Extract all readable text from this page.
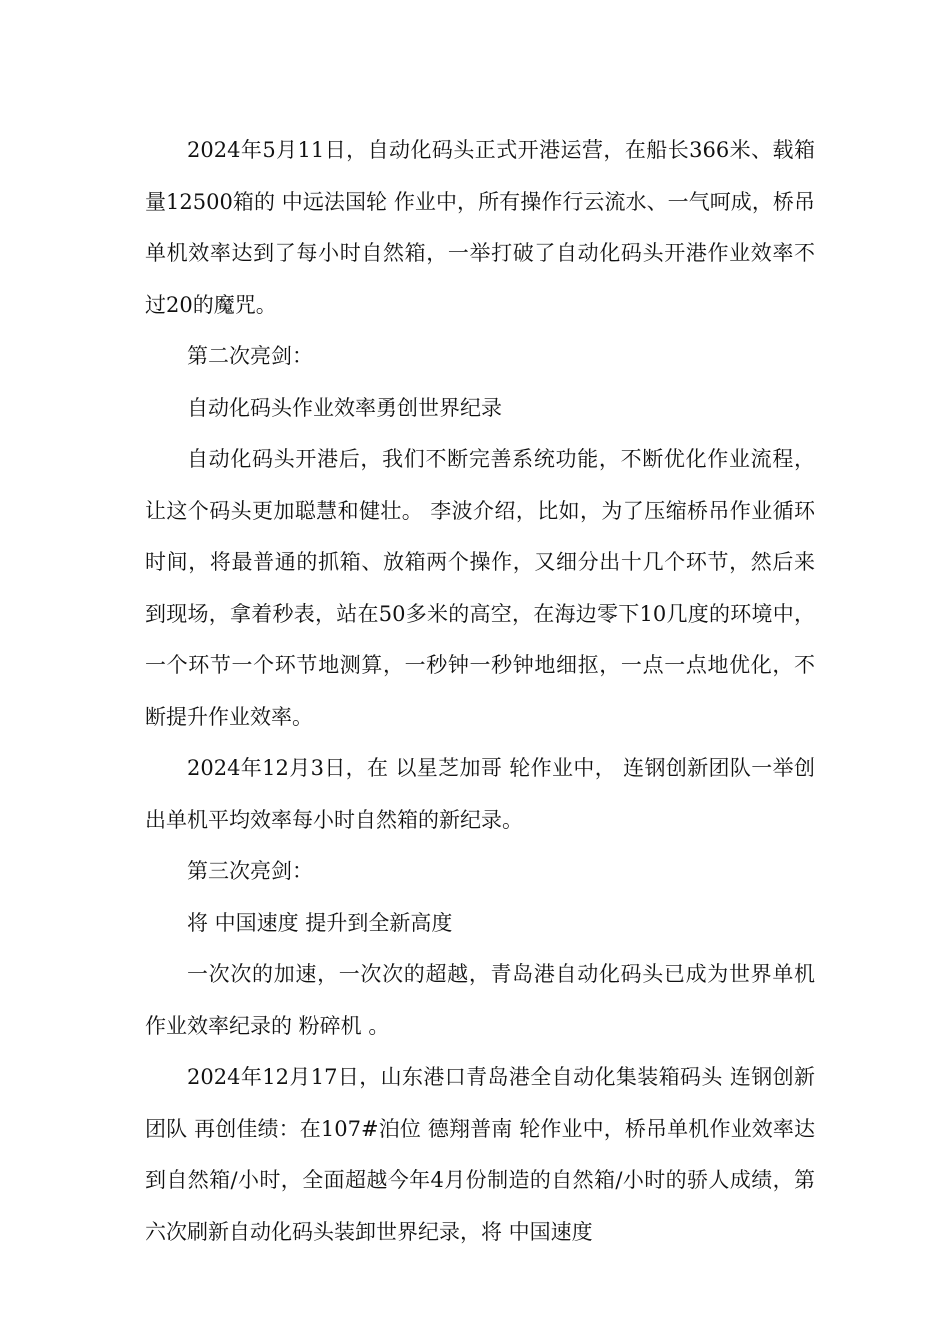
2024年5月11日，自动化码头正式开港运营，在船长366米、载箱量12500箱的 中远法国轮 作业中，所有操作行云流水、一气呵成，桥吊单机效率达到了每小时自然箱，一举打破了自动化码头开港作业效率不过20的魔咒。

第二次亮剑：

自动化码头作业效率勇创世界纪录

自动化码头开港后，我们不断完善系统功能，不断优化作业流程，让这个码头更加聪慧和健壮。 李波介绍，比如，为了压缩桥吊作业循环时间，将最普通的抓箱、放箱两个操作，又细分出十几个环节，然后来到现场，拿着秒表，站在50多米的高空，在海边零下10几度的环境中，一个环节一个环节地测算，一秒钟一秒钟地细抠，一点一点地优化，不断提升作业效率。

2024年12月3日，在 以星芝加哥 轮作业中， 连钢创新团队一举创出单机平均效率每小时自然箱的新纪录。

第三次亮剑：

将 中国速度 提升到全新高度

一次次的加速，一次次的超越，青岛港自动化码头已成为世界单机作业效率纪录的 粉碎机 。

2024年12月17日，山东港口青岛港全自动化集装箱码头 连钢创新团队 再创佳绩：在107#泊位 德翔普南 轮作业中，桥吊单机作业效率达到自然箱/小时，全面超越今年4月份制造的自然箱/小时的骄人成绩，第六次刷新自动化码头装卸世界纪录，将 中国速度
